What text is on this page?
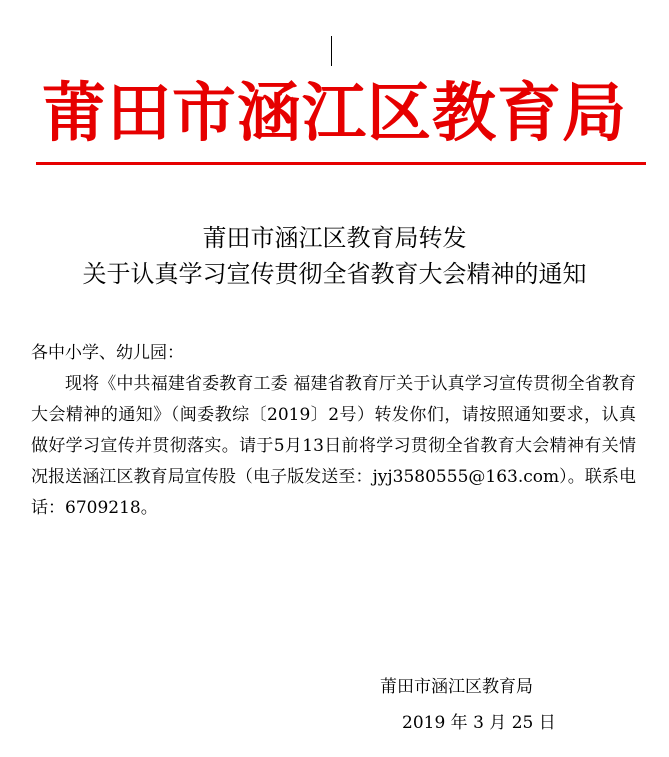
莆田市涵江区教育局
莆田市涵江区教育局转发
关于认真学习宣传贯彻全省教育大会精神的通知
各中小学、幼儿园：
现将《中共福建省委教育工委 福建省教育厅关于认真学习宣传贯彻全省教育大会精神的通知》（闽委教综〔2019〕2号）转发你们，请按照通知要求，认真做好学习宣传并贯彻落实。请于5月13日前将学习贯彻全省教育大会精神有关情况报送涵江区教育局宣传股（电子版发送至：jyj3580555@163.com）。联系电话：6709218。
莆田市涵江区教育局
2019 年 3 月 25 日
